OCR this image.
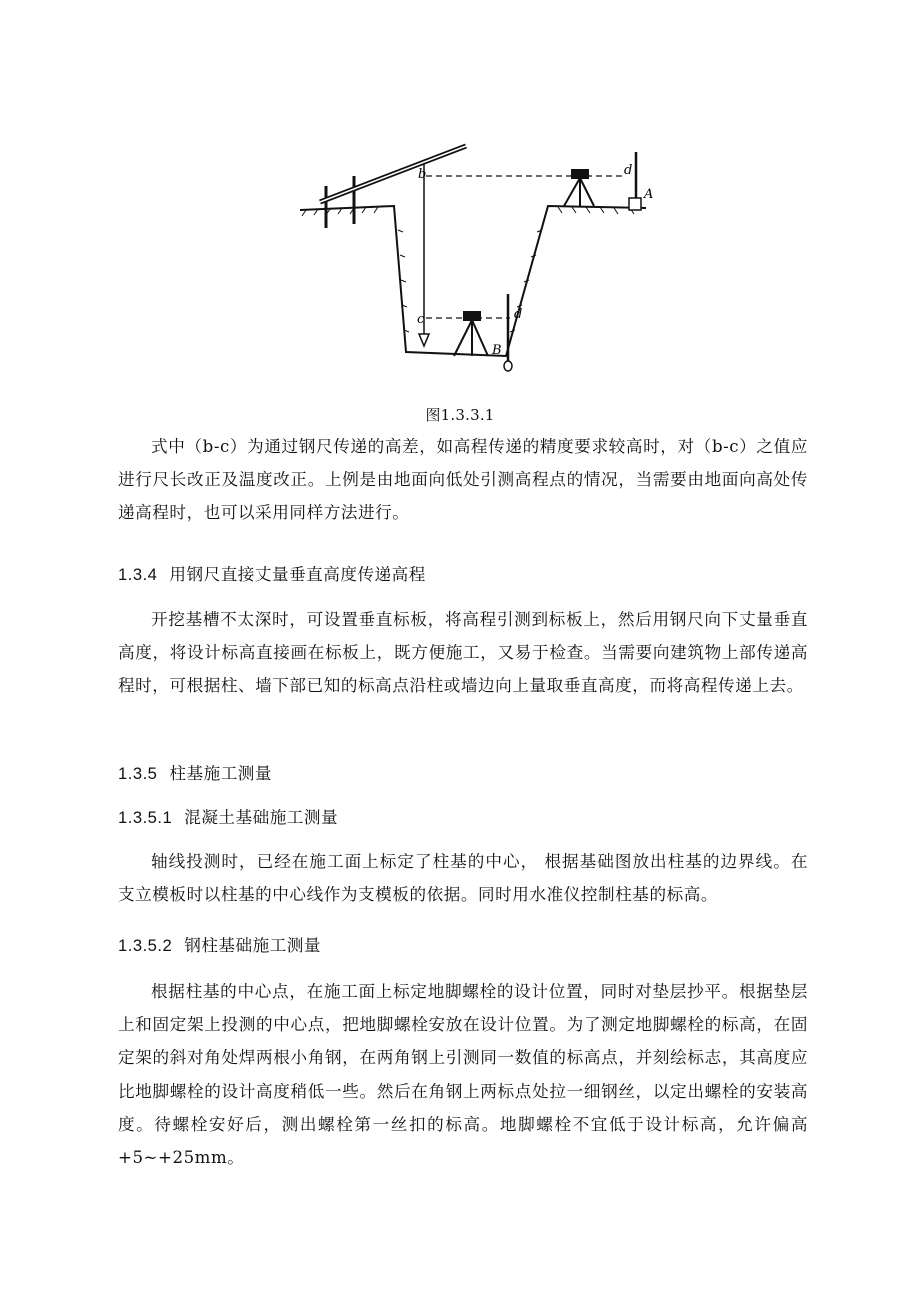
b
c
d
d
A
B
图1.3.3.1

式中（b-c）为通过钢尺传递的高差，如高程传递的精度要求较高时，对（b-c）之值应进行尺长改正及温度改正。上例是由地面向低处引测高程点的情况，当需要由地面向高处传递高程时，也可以采用同样方法进行。

1.3.4 用钢尺直接丈量垂直高度传递高程

开挖基槽不太深时，可设置垂直标板，将高程引测到标板上，然后用钢尺向下丈量垂直高度，将设计标高直接画在标板上，既方便施工，又易于检查。当需要向建筑物上部传递高程时，可根据柱、墙下部已知的标高点沿柱或墙边向上量取垂直高度，而将高程传递上去。

1.3.5 柱基施工测量
1.3.5.1 混凝土基础施工测量

轴线投测时，已经在施工面上标定了柱基的中心， 根据基础图放出柱基的边界线。在支立模板时以柱基的中心线作为支模板的依据。同时用水准仪控制柱基的标高。

1.3.5.2 钢柱基础施工测量

根据柱基的中心点，在施工面上标定地脚螺栓的设计位置，同时对垫层抄平。根据垫层上和固定架上投测的中心点，把地脚螺栓安放在设计位置。为了测定地脚螺栓的标高，在固定架的斜对角处焊两根小角钢，在两角钢上引测同一数值的标高点，并刻绘标志，其高度应比地脚螺栓的设计高度稍低一些。然后在角钢上两标点处拉一细钢丝，以定出螺栓的安装高度。待螺栓安好后，测出螺栓第一丝扣的标高。地脚螺栓不宜低于设计标高，允许偏高+5~+25mm。
